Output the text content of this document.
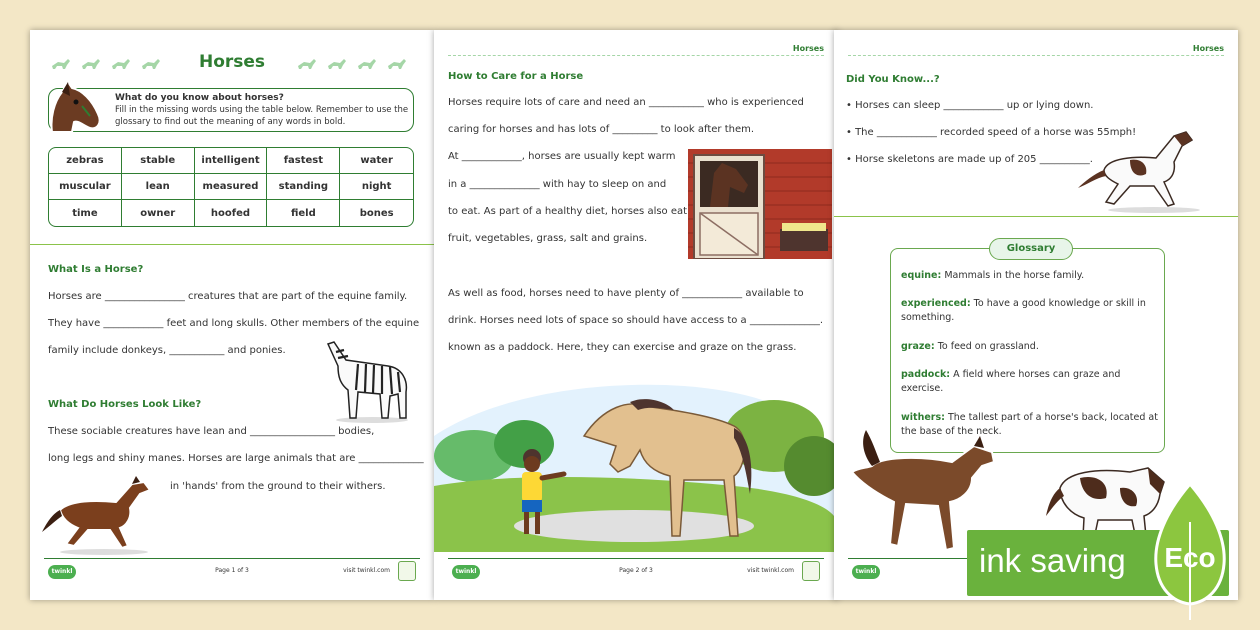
Horses
What do you know about horses?
Fill in the missing words using the table below. Remember to use the
glossary to find out the meaning of any words in bold.
zebras	stable	intelligent	fastest	water
muscular	lean	measured	standing	night
time	owner	hoofed	field	bones
What Is a Horse?
Horses are ________________ creatures that are part of the equine family.
They have ____________ feet and long skulls. Other members of the equine
family include donkeys, ___________ and ponies.
What Do Horses Look Like?
These sociable creatures have lean and _________________ bodies,
long legs and shiny manes. Horses are large animals that are _____________
in 'hands' from the ground to their withers.
twinkl	Page 1 of 3	visit twinkl.com
Horses
How to Care for a Horse
Horses require lots of care and need an ___________ who is experienced
caring for horses and has lots of _________ to look after them.
At ____________, horses are usually kept warm
in a ______________ with hay to sleep on and
to eat. As part of a healthy diet, horses also eat
fruit, vegetables, grass, salt and grains.
As well as food, horses need to have plenty of ____________ available to
drink. Horses need lots of space so should have access to a ______________.
known as a paddock. Here, they can exercise and graze on the grass.
twinkl	Page 2 of 3	visit twinkl.com
Horses
Did You Know...?
• Horses can sleep ____________ up or lying down.
• The ____________ recorded speed of a horse was 55mph!
• Horse skeletons are made up of 205 __________.
Glossary
equine: Mammals in the horse family.
experienced: To have a good knowledge or skill in something.
graze: To feed on grassland.
paddock: A field where horses can graze and exercise.
withers: The tallest part of a horse's back, located at the base of the neck.
twinkl	ink saving	Eco
